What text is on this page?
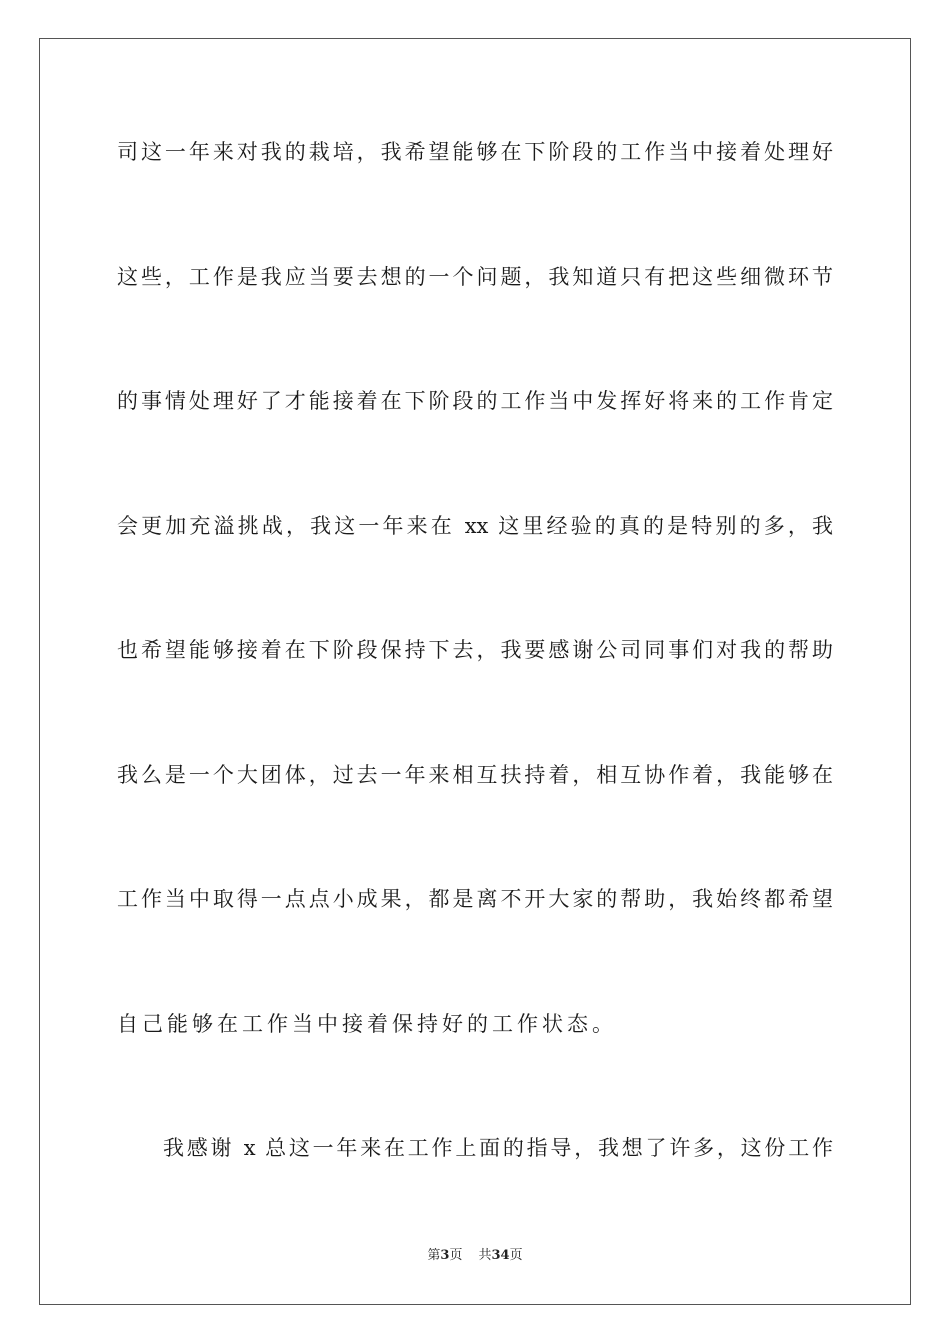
司这一年来对我的栽培，我希望能够在下阶段的工作当中接着处理好
这些，工作是我应当要去想的一个问题，我知道只有把这些细微环节
的事情处理好了才能接着在下阶段的工作当中发挥好将来的工作肯定
会更加充溢挑战，我这一年来在 xx 这里经验的真的是特别的多，我
也希望能够接着在下阶段保持下去，我要感谢公司同事们对我的帮助
我么是一个大团体，过去一年来相互扶持着，相互协作着，我能够在
工作当中取得一点点小成果，都是离不开大家的帮助，我始终都希望
自己能够在工作当中接着保持好的工作状态。
我感谢 x 总这一年来在工作上面的指导，我想了许多，这份工作
第3页 共34页
